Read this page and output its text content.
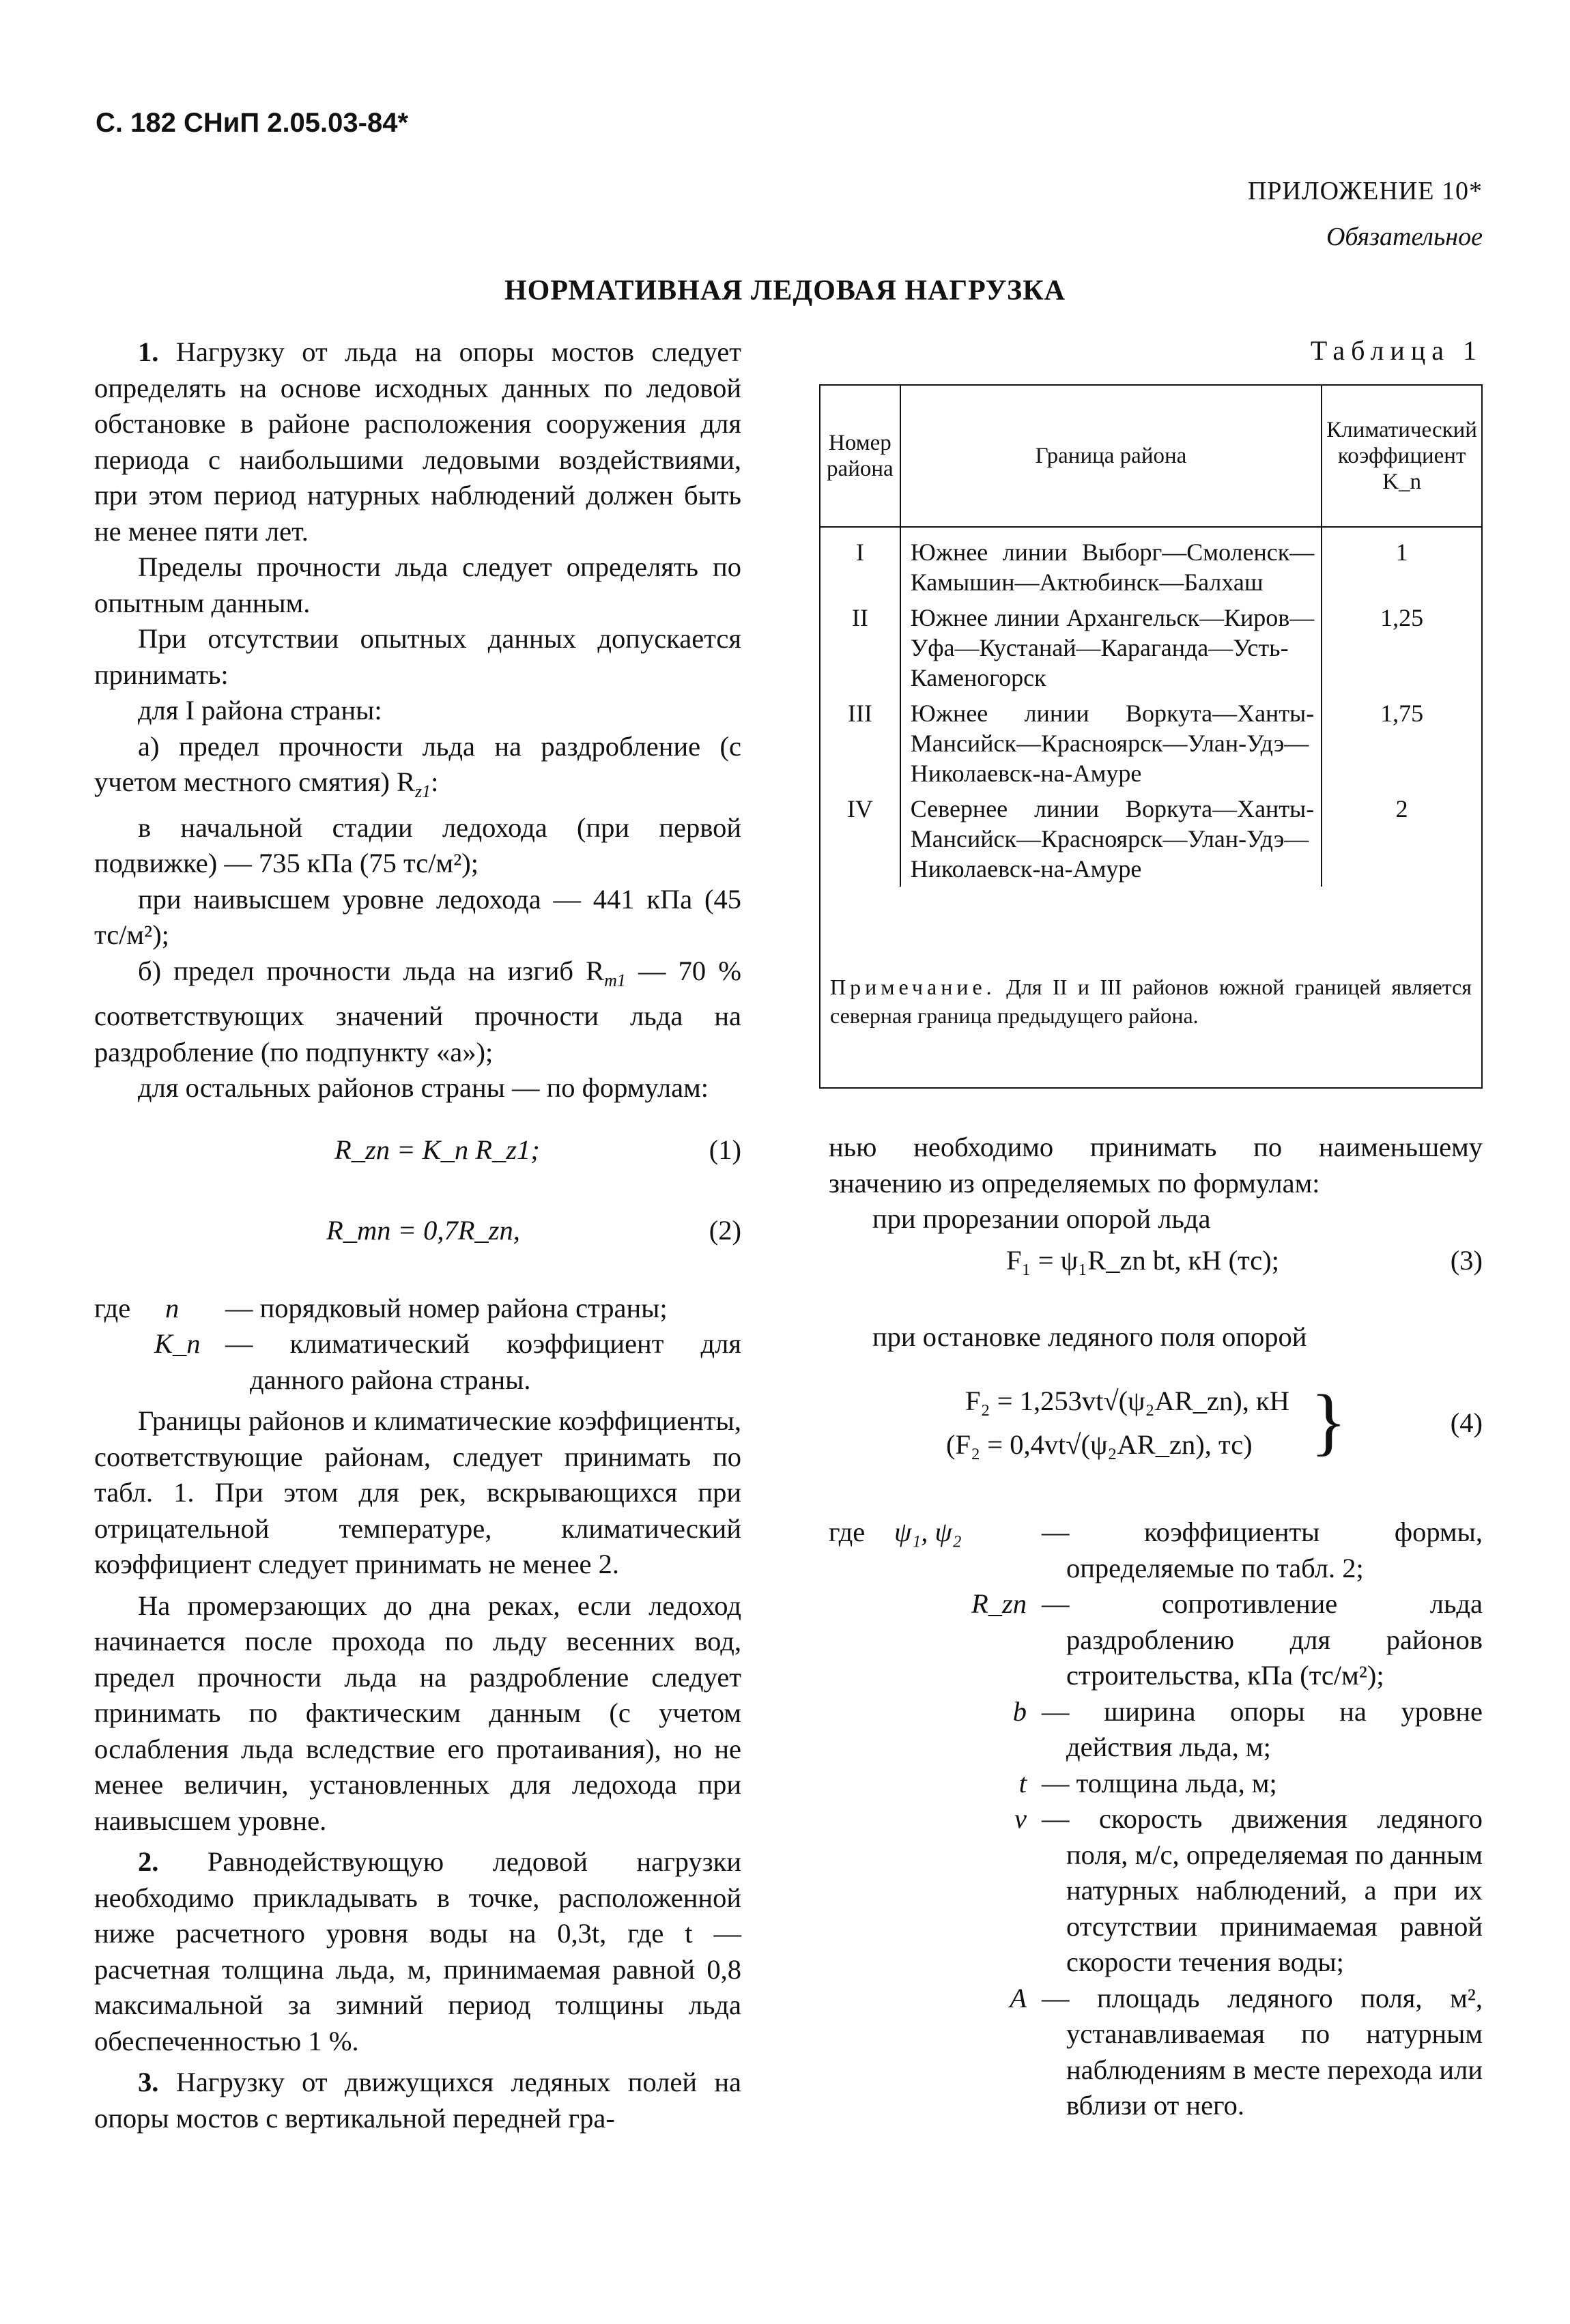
С. 182 СНиП 2.05.03-84*
ПРИЛОЖЕНИЕ 10*
Обязательное
НОРМАТИВНАЯ ЛЕДОВАЯ НАГРУЗКА

1. Нагрузку от льда на опоры мостов следует определять на основе исходных данных по ледовой обстановке в районе расположения сооружения для периода с наибольшими ледовыми воздействиями, при этом период натурных наблюдений должен быть не менее пяти лет.

Пределы прочности льда следует определять по опытным данным.

При отсутствии опытных данных допускается принимать:

для I района страны:

а) предел прочности льда на раздробление (с учетом местного смятия) $R_{z1}$:

в начальной стадии ледохода (при первой подвижке) — 735 кПа (75 тс/м²);

при наивысшем уровне ледохода — 441 кПа (45 тс/м²);

б) предел прочности льда на изгиб $R_{m1}$ — 70 % соответствующих значений прочности льда на раздробление (по подпункту «а»);

для остальных районов страны — по формулам:

R_zn = K_n R_z1;	(1)
R_mn = 0,7R_zn,	(2)
где n — порядковый номер района страны;
K_n — климатический коэффициент для данного района страны.

Границы районов и климатические коэффициенты, соответствующие районам, следует принимать по табл. 1. При этом для рек, вскрывающихся при отрицательной температуре, климатический коэффициент следует принимать не менее 2.

На промерзающих до дна реках, если ледоход начинается после прохода по льду весенних вод, предел прочности льда на раздробление следует принимать по фактическим данным (с учетом ослабления льда вследствие его протаивания), но не менее величин, установленных для ледохода при наивысшем уровне.

2. Равнодействующую ледовой нагрузки необходимо прикладывать в точке, расположенной ниже расчетного уровня воды на 0,3t, где t — расчетная толщина льда, м, принимаемая равной 0,8 максимальной за зимний период толщины льда обеспеченностью 1 %.

3. Нагрузку от движущихся ледяных полей на опоры мостов с вертикальной передней гра-

Таблица 1
Номер района	Граница района	Климатический коэффициент K_n
I	Южнее линии Выборг—Смоленск—Камышин—Актюбинск—Балхаш	1
II	Южнее линии Архангельск—Киров—Уфа—Кустанай—Караганда—Усть-Каменогорск	1,25
III	Южнее линии Воркута—Ханты-Мансийск—Красноярск—Улан-Удэ—Николаевск-на-Амуре	1,75
IV	Севернее линии Воркута—Ханты-Мансийск—Красноярск—Улан-Удэ—Николаевск-на-Амуре	2
Примечание. Для II и III районов южной границей является северная граница предыдущего района.

нью необходимо принимать по наименьшему значению из определяемых по формулам:

при прорезании опорой льда

F₁ = ψ₁R_zn bt, кН (тс);	(3)

при остановке ледяного поля опорой

F₂ = 1,253vt√(ψ₂AR_zn), кН
(F₂ = 0,4vt√(ψ₂AR_zn), тс) }	(4)
где ψ₁, ψ₂	— коэффициенты формы, определяемые по табл. 2;
R_zn — сопротивление льда раздроблению для районов строительства, кПа (тс/м²);
b — ширина опоры на уровне действия льда, м;
t — толщина льда, м;
v — скорость движения ледяного поля, м/с, определяемая по данным натурных наблюдений, а при их отсутствии принимаемая равной скорости течения воды;
A — площадь ледяного поля, м², устанавливаемая по натурным наблюдениям в месте перехода или вблизи от него.
